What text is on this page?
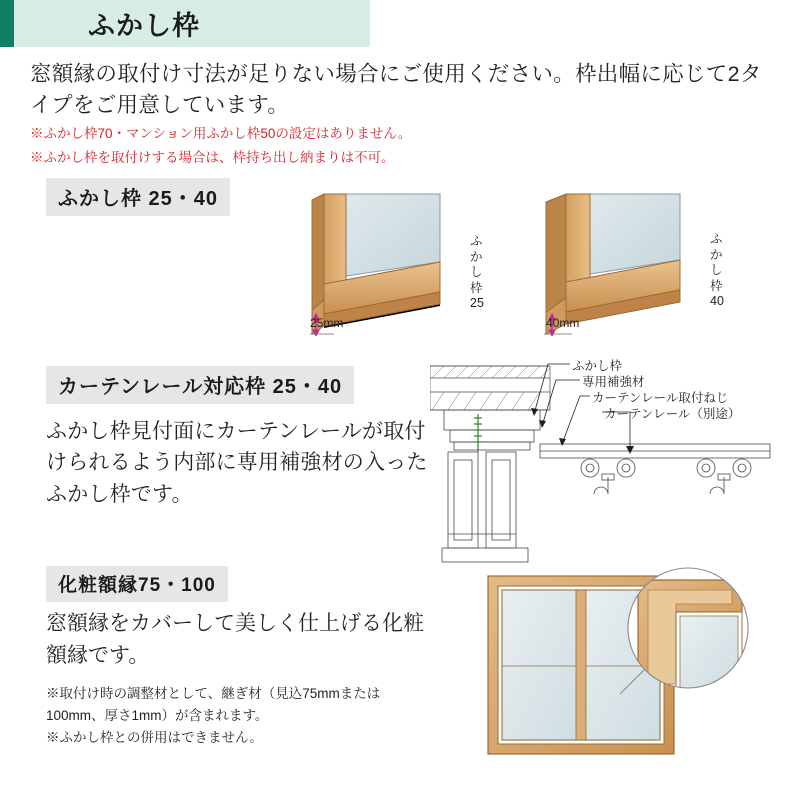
ふかし枠
窓額縁の取付け寸法が足りない場合にご使用ください。枠出幅に応じて2タイプをご用意しています。
※ふかし枠70・マンション用ふかし枠50の設定はありません。
※ふかし枠を取付けする場合は、枠持ち出し納まりは不可。
ふかし枠 25・40
25mm
ふかし枠
25
40mm
ふかし枠
40
カーテンレール対応枠 25・40
ふかし枠見付面にカーテンレールが取付けられるよう内部に専用補強材の入ったふかし枠です。
ふかし枠
専用補強材
カーテンレール取付ねじ
カーテンレール（別途）
化粧額縁75・100
窓額縁をカバーして美しく仕上げる化粧額縁です。
※取付け時の調整材として、継ぎ材（見込75mmまたは100mm、厚さ1mm）が含まれます。
※ふかし枠との併用はできません。
